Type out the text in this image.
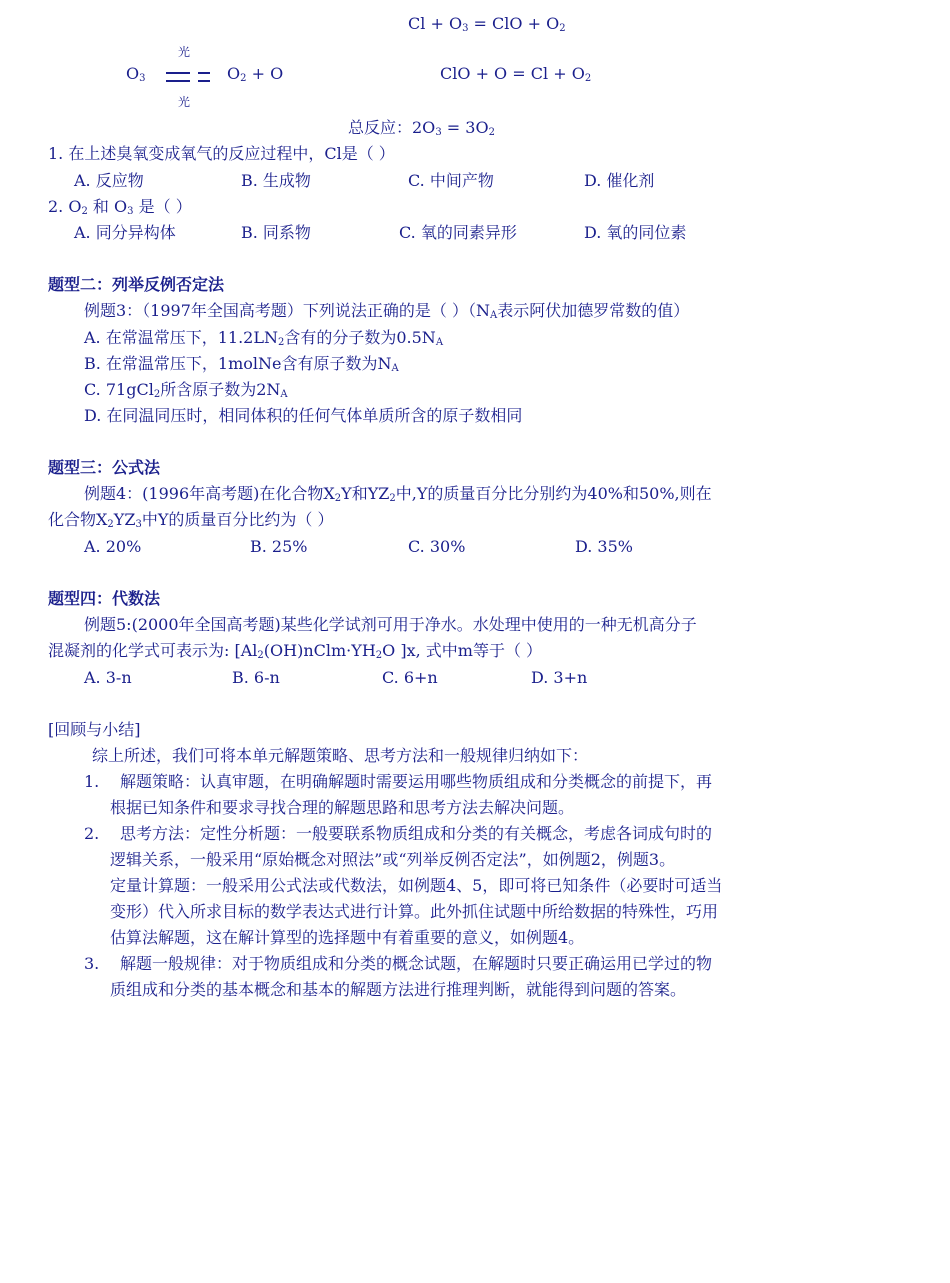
$Cl + O_3$ = ClO + $O_2$
$O_3$
光
光
$O_2 + O$	ClO + $O = Cl + O_2$
总反应：$2O_3 = 3O_2$
1. 在上述臭氧变成氧气的反应过程中，Cl是（ ）
A. 反应物	B. 生成物	C. 中间产物	D. 催化剂
2. $O_2$ 和 $O_3$ 是（ ）
A. 同分异构体	B. 同系物	C. 氧的同素异形	D. 氧的同位素
题型二：列举反例否定法
例题3：（1997年全国高考题）下列说法正确的是（ ）（$N_A$表示阿伏加德罗常数的值）
A. 在常温常压下，$11.2LN_2$含有的分子数为$0.5N_A$
B. 在常温常压下，1molNe含有原子数为$N_A$
C. 71gCl$_2$所含原子数为$2N_A$
D. 在同温同压时，相同体积的任何气体单质所含的原子数相同
题型三：公式法
例题4：(1996年高考题)在化合物$X_2Y$和$YZ_2$中,Y的质量百分比分别约为40%和50%,则在
化合物$X_2YZ_3$中Y的质量百分比约为（ ）
A. 20%	B. 25%	C. 30%	D. 35%
题型四：代数法
例题5:(2000年全国高考题)某些化学试剂可用于净水。水处理中使用的一种无机高分子
混凝剂的化学式可表示为: [$Al_2(OH)nClm\cdot YH_2O$ ]x, 式中m等于（ ）
A. 3-n	B. 6-n	C. 6+n	D. 3+n
[回顾与小结]
综上所述，我们可将本单元解题策略、思考方法和一般规律归纳如下：
1. 解题策略：认真审题，在明确解题时需要运用哪些物质组成和分类概念的前提下，再
根据已知条件和要求寻找合理的解题思路和思考方法去解决问题。
2. 思考方法：定性分析题：一般要联系物质组成和分类的有关概念，考虑各词成句时的
逻辑关系，一般采用“原始概念对照法”或“列举反例否定法”，如例题2，例题3。
定量计算题：一般采用公式法或代数法，如例题4、5，即可将已知条件（必要时可适当
变形）代入所求目标的数学表达式进行计算。此外抓住试题中所给数据的特殊性，巧用
估算法解题，这在解计算型的选择题中有着重要的意义，如例题4。
3. 解题一般规律：对于物质组成和分类的概念试题，在解题时只要正确运用已学过的物
质组成和分类的基本概念和基本的解题方法进行推理判断，就能得到问题的答案。
